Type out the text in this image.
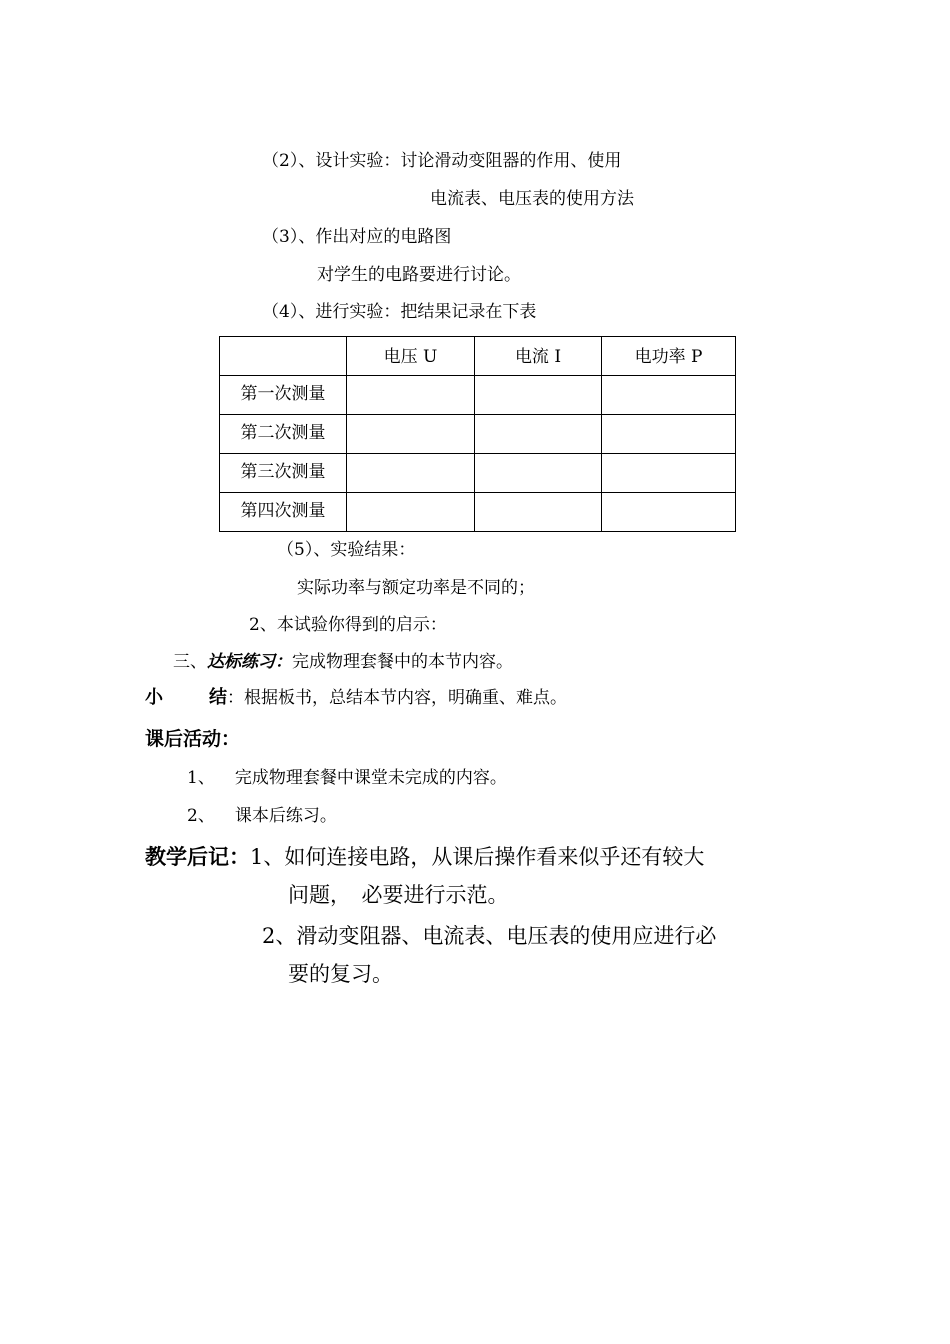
（2）、设计实验：讨论滑动变阻器的作用、使用
电流表、电压表的使用方法
（3）、作出对应的电路图
对学生的电路要进行讨论。
（4）、进行实验：把结果记录在下表
	电压 U	电流 I	电功率 P
第一次测量			
第二次测量			
第三次测量			
第四次测量			
（5）、实验结果：
实际功率与额定功率是不同的；
2、本试验你得到的启示：
三、达标练习：完成物理套餐中的本节内容。
小	结：根据板书，总结本节内容，明确重、难点。
课后活动：
1、 完成物理套餐中课堂未完成的内容。
2、 课本后练习。
教学后记：1、如何连接电路，从课后操作看来似乎还有较大
问题，　必要进行示范。
2、滑动变阻器、电流表、电压表的使用应进行必
要的复习。
